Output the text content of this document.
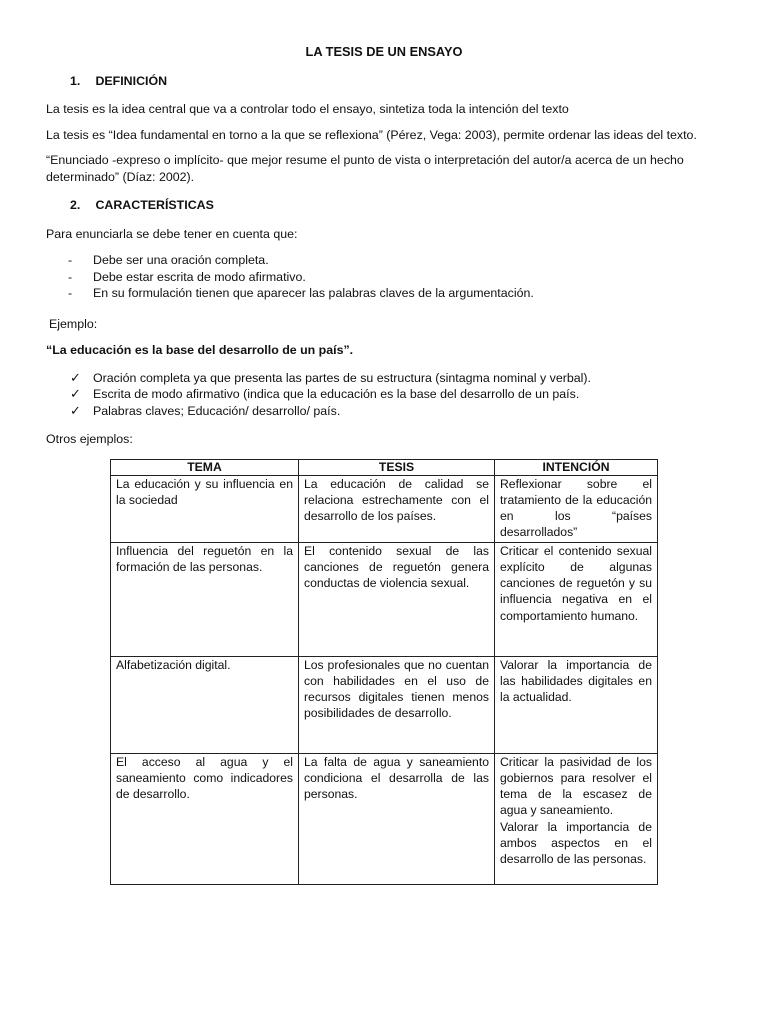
LA TESIS DE UN ENSAYO
1. DEFINICIÓN

La tesis es la idea central que va a controlar todo el ensayo, sintetiza toda la intención del texto

La tesis es “Idea fundamental en torno a la que se reflexiona” (Pérez, Vega: 2003), permite ordenar las ideas del texto.

“Enunciado -expreso o implícito- que mejor resume el punto de vista o interpretación del autor/a acerca de un hecho determinado” (Díaz: 2002).

2. CARACTERÍSTICAS

Para enunciarla se debe tener en cuenta que:

- Debe ser una oración completa.
- Debe estar escrita de modo afirmativo.
- En su formulación tienen que aparecer las palabras claves de la argumentación.

Ejemplo:

“La educación es la base del desarrollo de un país”.

✓ Oración completa ya que presenta las partes de su estructura (sintagma nominal y verbal).
✓ Escrita de modo afirmativo (indica que la educación es la base del desarrollo de un país.
✓ Palabras claves; Educación/ desarrollo/ país.

Otros ejemplos:

TEMA	TESIS	INTENCIÓN
La educación y su influencia en la sociedad	La educación de calidad se relaciona estrechamente con el desarrollo de los países.	Reflexionar sobre el tratamiento de la educación en los “países desarrollados”
Influencia del reguetón en la formación de las personas.	El contenido sexual de las canciones de reguetón genera conductas de violencia sexual.	Criticar el contenido sexual explícito de algunas canciones de reguetón y su influencia negativa en el comportamiento humano.
Alfabetización digital.	Los profesionales que no cuentan con habilidades en el uso de recursos digitales tienen menos posibilidades de desarrollo.	Valorar la importancia de las habilidades digitales en la actualidad.
El acceso al agua y el saneamiento como indicadores de desarrollo.	La falta de agua y saneamiento condiciona el desarrolla de las personas.	Criticar la pasividad de los gobiernos para resolver el tema de la escasez de agua y saneamiento.
Valorar la importancia de ambos aspectos en el desarrollo de las personas.
